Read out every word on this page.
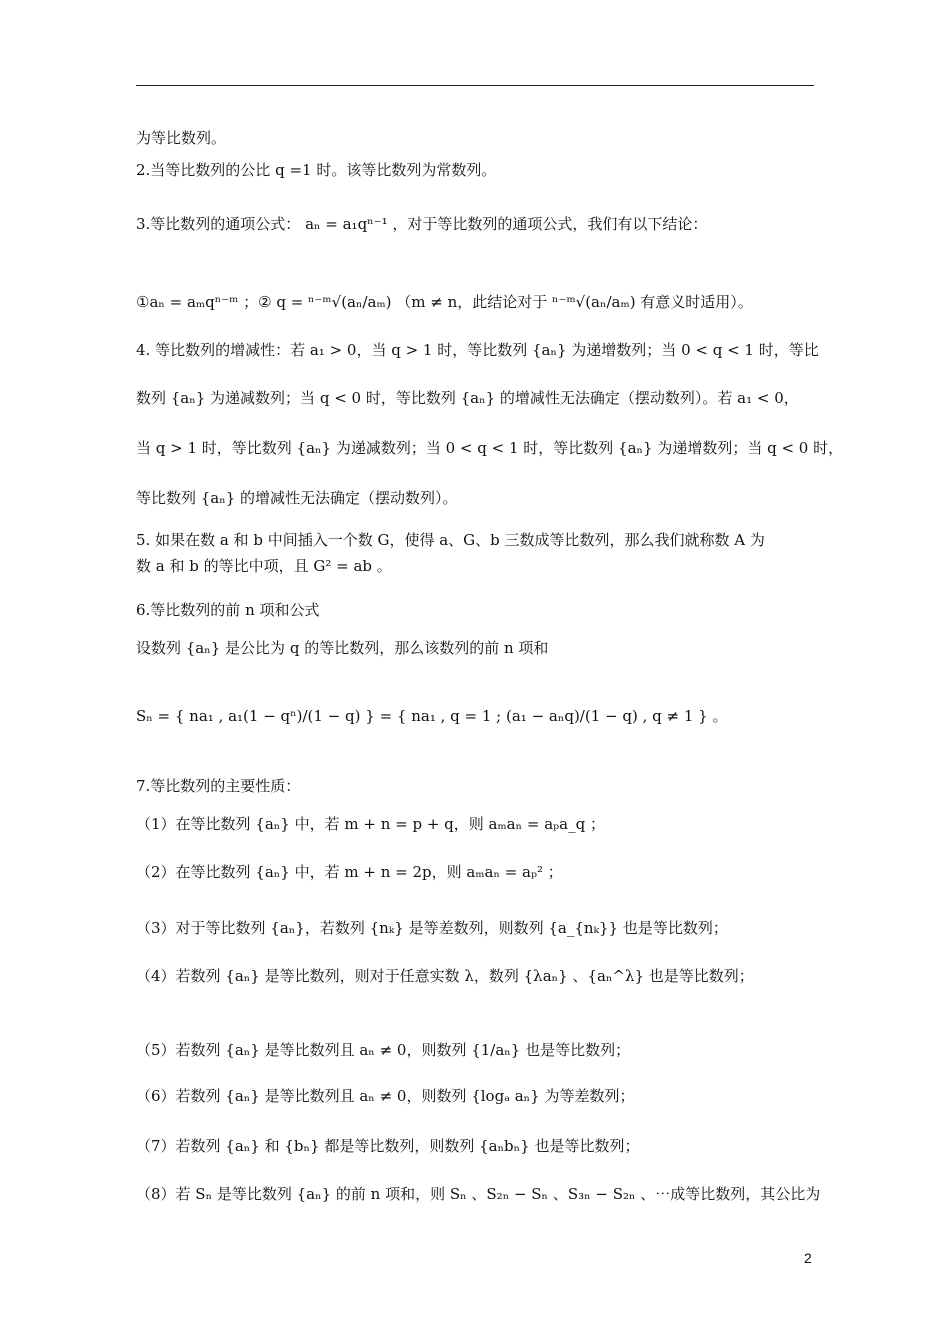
为等比数列。
2.当等比数列的公比 q =1 时。该等比数列为常数列。
3.等比数列的通项公式： aₙ = a₁qⁿ⁻¹ ，对于等比数列的通项公式，我们有以下结论：
①aₙ = aₘqⁿ⁻ᵐ ；② q = ⁿ⁻ᵐ√(aₙ/aₘ) （m ≠ n，此结论对于 ⁿ⁻ᵐ√(aₙ/aₘ) 有意义时适用）。
4. 等比数列的增减性：若 a₁ > 0，当 q > 1 时，等比数列 {aₙ} 为递增数列；当 0 < q < 1 时，等比
数列 {aₙ} 为递减数列；当 q < 0 时，等比数列 {aₙ} 的增减性无法确定（摆动数列）。若 a₁ < 0，
当 q > 1 时，等比数列 {aₙ} 为递减数列；当 0 < q < 1 时，等比数列 {aₙ} 为递增数列；当 q < 0 时，
等比数列 {aₙ} 的增减性无法确定（摆动数列）。
5. 如果在数 a 和 b 中间插入一个数 G，使得 a、G、b 三数成等比数列，那么我们就称数 A 为
数 a 和 b 的等比中项，且 G² = ab 。
6.等比数列的前 n 项和公式
设数列 {aₙ} 是公比为 q 的等比数列，那么该数列的前 n 项和
Sₙ = { na₁ , a₁(1 − qⁿ)/(1 − q) } = { na₁ , q = 1 ; (a₁ − aₙq)/(1 − q) , q ≠ 1 } 。
7.等比数列的主要性质：
（1）在等比数列 {aₙ} 中，若 m + n = p + q，则 aₘaₙ = aₚa_q ；
（2）在等比数列 {aₙ} 中，若 m + n = 2p，则 aₘaₙ = aₚ² ；
（3）对于等比数列 {aₙ}，若数列 {nₖ} 是等差数列，则数列 {a_{nₖ}} 也是等比数列；
（4）若数列 {aₙ} 是等比数列，则对于任意实数 λ，数列 {λaₙ} 、{aₙ^λ} 也是等比数列；
（5）若数列 {aₙ} 是等比数列且 aₙ ≠ 0，则数列 {1/aₙ} 也是等比数列；
（6）若数列 {aₙ} 是等比数列且 aₙ ≠ 0，则数列 {logₐ aₙ} 为等差数列；
（7）若数列 {aₙ} 和 {bₙ} 都是等比数列，则数列 {aₙbₙ} 也是等比数列；
（8）若 Sₙ 是等比数列 {aₙ} 的前 n 项和，则 Sₙ 、S₂ₙ − Sₙ 、S₃ₙ − S₂ₙ 、⋯成等比数列，其公比为
2
